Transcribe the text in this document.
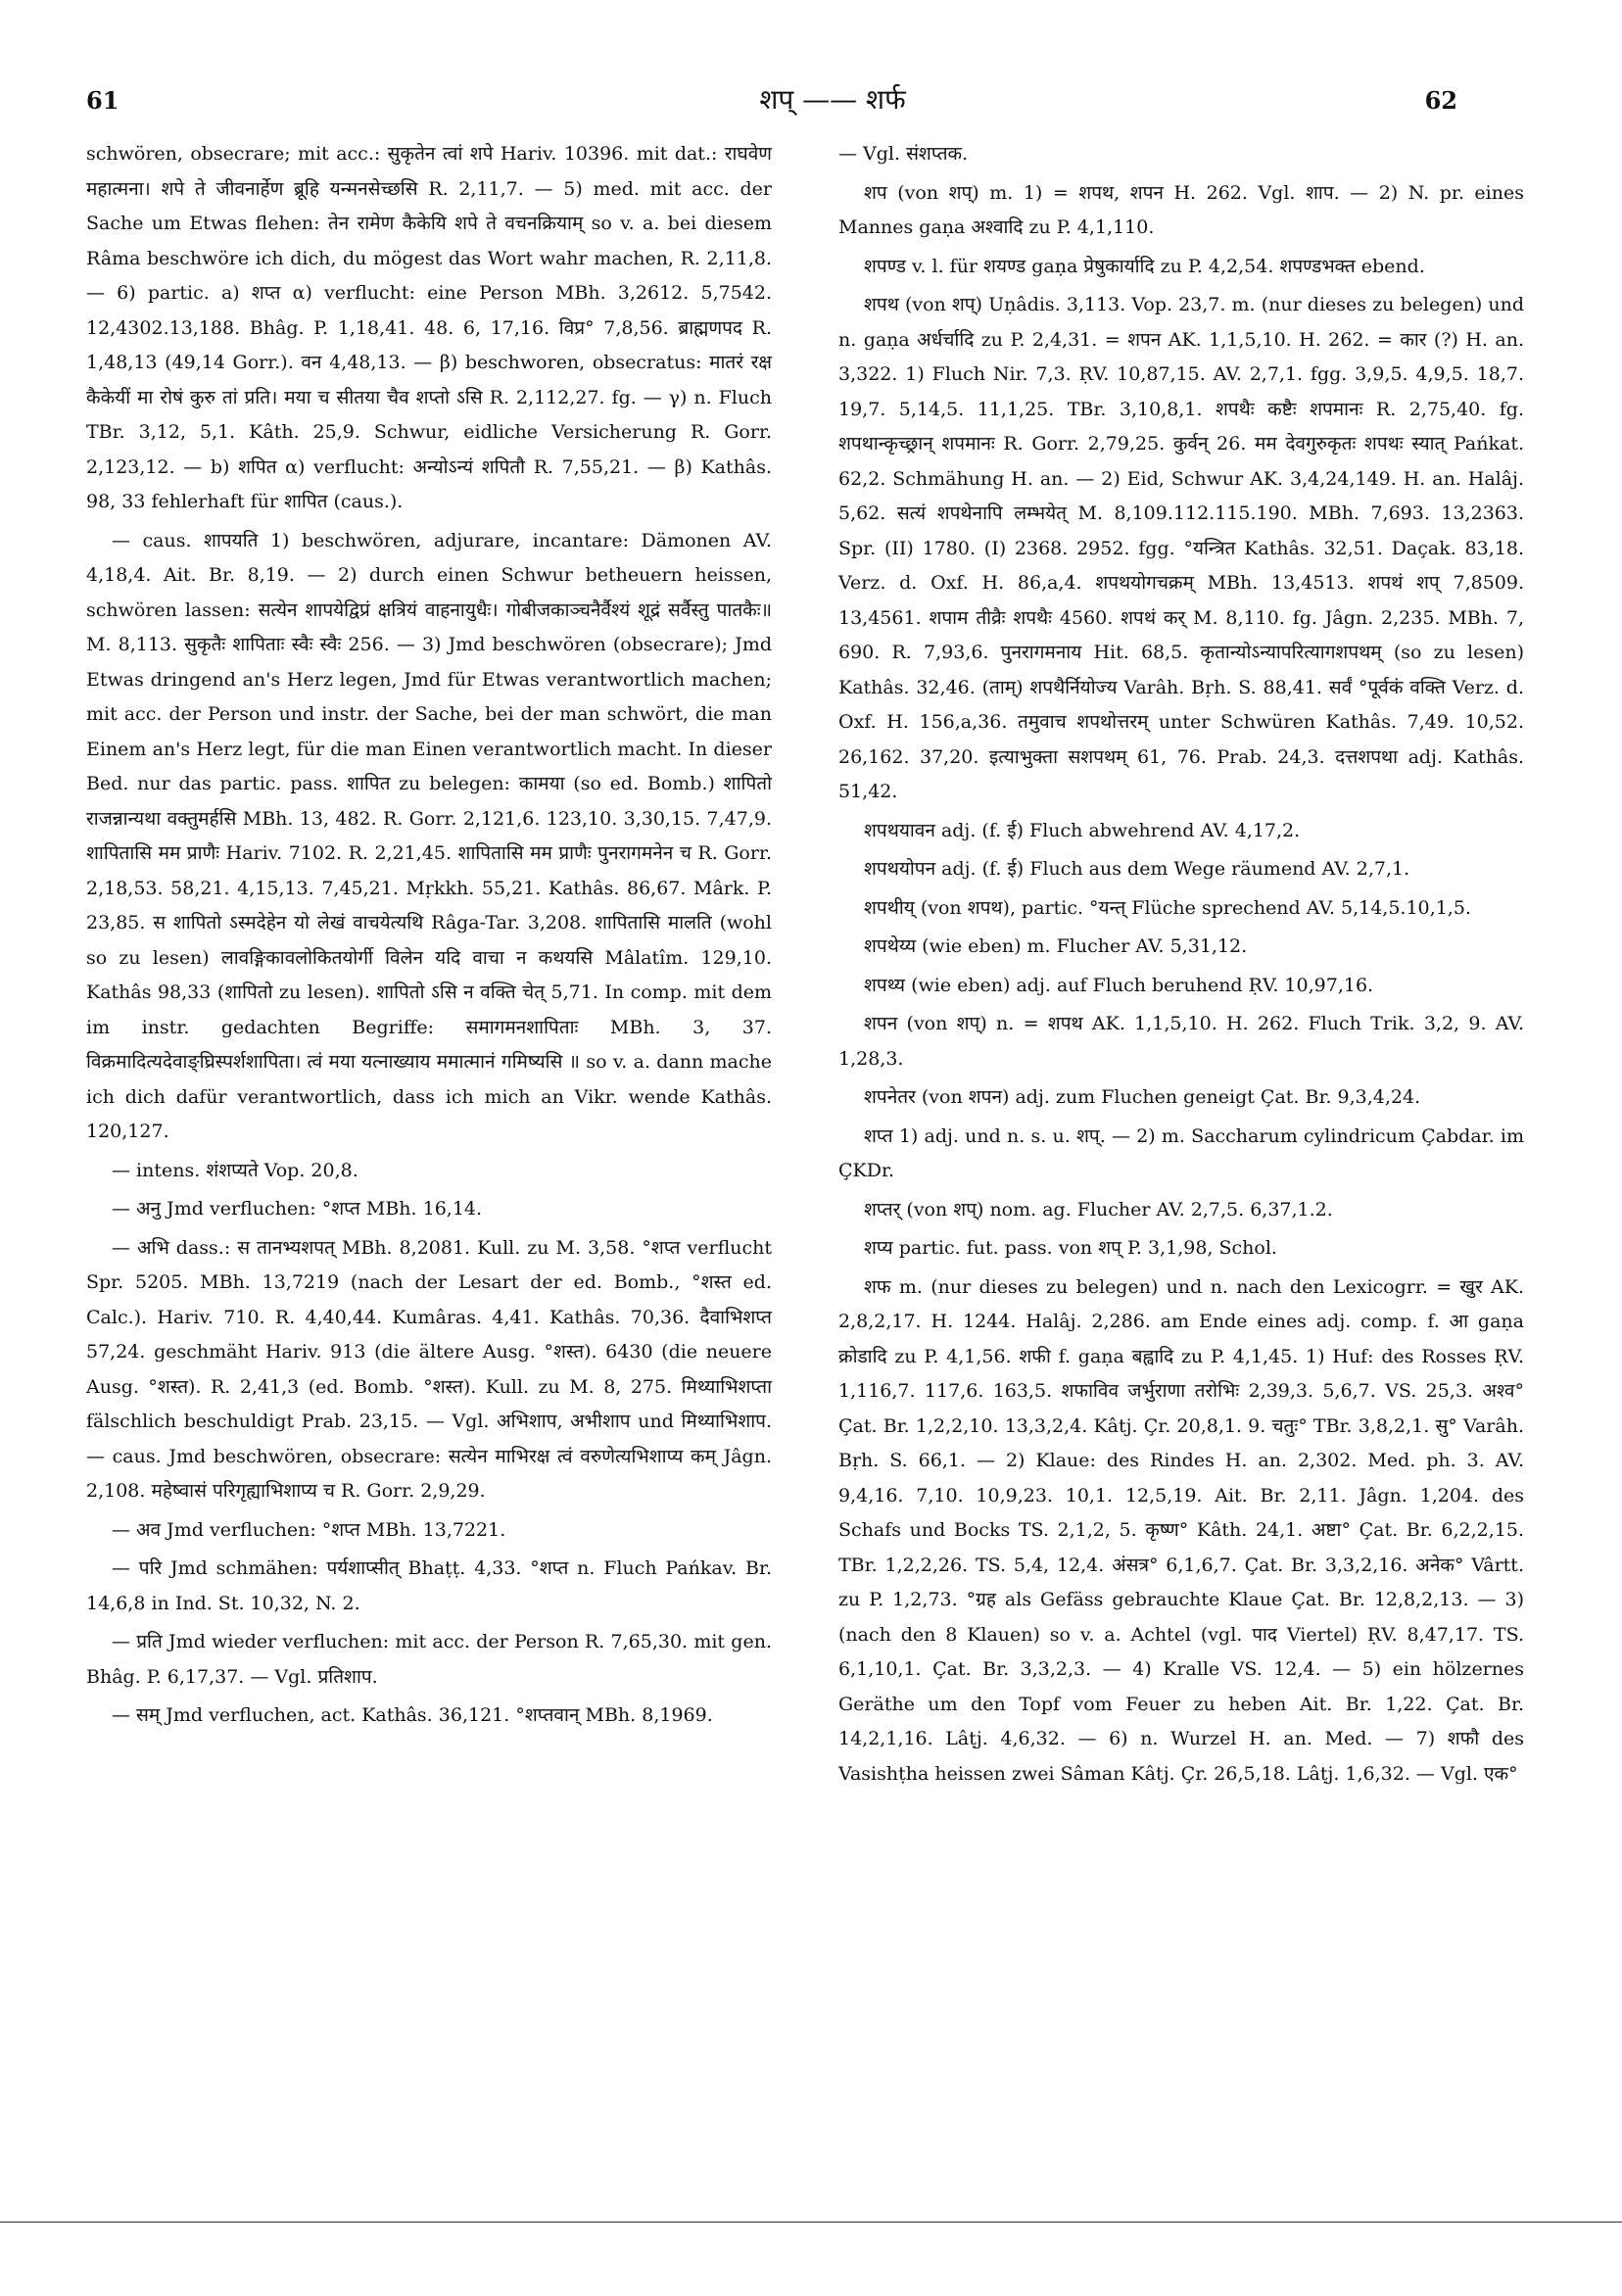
61	शप् —— शर्फ	62

schwören, obsecrare; mit acc.: सुकृतेन त्वां शपे Hariv. 10396. mit dat.: राघवेण महात्मना। शपे ते जीवनार्हेण ब्रूहि यन्मनसेच्छसि R. 2,11,7. — 5) med. mit acc. der Sache um Etwas flehen: तेन रामेण कैकेयि शपे ते वचनक्रियाम् so v. a. bei diesem Râma beschwöre ich dich, du mögest das Wort wahr machen, R. 2,11,8. — 6) partic. a) शप्त α) verflucht: eine Person MBh. 3,2612. 5,7542. 12,4302.13,188. Bhâg. P. 1,18,41. 48. 6, 17,16. विप्र° 7,8,56. ब्राह्मणपद R. 1,48,13 (49,14 Gorr.). वन 4,48,13. — β) beschworen, obsecratus: मातरं रक्ष कैकेयीं मा रोषं कुरु तां प्रति। मया च सीतया चैव शप्तो ऽसि R. 2,112,27. fg. — γ) n. Fluch TBr. 3,12, 5,1. Kâth. 25,9. Schwur, eidliche Versicherung R. Gorr. 2,123,12. — b) शपित α) verflucht: अन्योऽन्यं शपितौ R. 7,55,21. — β) Kathâs. 98, 33 fehlerhaft für शापित (caus.).

— caus. शापयति 1) beschwören, adjurare, incantare: Dämonen AV. 4,18,4. Ait. Br. 8,19. — 2) durch einen Schwur betheuern heissen, schwören lassen: सत्येन शापयेद्विप्रं क्षत्रियं वाहनायुधैः। गोबीजकाञ्चनैर्वैश्यं शूद्रं सर्वैस्तु पातकैः॥ M. 8,113. सुकृतैः शापिताः स्वैः स्वैः 256. — 3) Jmd beschwören (obsecrare); Jmd Etwas dringend an's Herz legen, Jmd für Etwas verantwortlich machen; mit acc. der Person und instr. der Sache, bei der man schwört, die man Einem an's Herz legt, für die man Einen verantwortlich macht. In dieser Bed. nur das partic. pass. शापित zu belegen: कामया (so ed. Bomb.) शापितो राजन्नान्यथा वक्तुमर्हसि MBh. 13, 482. R. Gorr. 2,121,6. 123,10. 3,30,15. 7,47,9. शापितासि मम प्राणैः Hariv. 7102. R. 2,21,45. शापितासि मम प्राणैः पुनरागमनेन च R. Gorr. 2,18,53. 58,21. 4,15,13. 7,45,21. Mṛkkh. 55,21. Kathâs. 86,67. Mârk. P. 23,85. स शापितो ऽस्मदेहेन यो लेखं वाचयेत्यथि Râga-Tar. 3,208. शापितासि मालति (wohl so zu lesen) लावङ्गिकावलोकितयोर्गी विलेन यदि वाचा न कथयसि Mâlatîm. 129,10. Kathâs 98,33 (शापितो zu lesen). शापितो ऽसि न वक्ति चेत् 5,71. In comp. mit dem im instr. gedachten Begriffe: समागमनशापिताः MBh. 3, 37. विक्रमादित्यदेवाङ्घ्रिस्पर्शशापिता। त्वं मया यत्नाख्याय ममात्मानं गमिष्यसि ॥ so v. a. dann mache ich dich dafür verantwortlich, dass ich mich an Vikr. wende Kathâs. 120,127.

— intens. शंशप्यते Vop. 20,8.

— अनु Jmd verfluchen: °शप्त MBh. 16,14.

— अभि dass.: स तानभ्यशपत् MBh. 8,2081. Kull. zu M. 3,58. °शप्त verflucht Spr. 5205. MBh. 13,7219 (nach der Lesart der ed. Bomb., °शस्त ed. Calc.). Hariv. 710. R. 4,40,44. Kumâras. 4,41. Kathâs. 70,36. दैवाभिशप्त 57,24. geschmäht Hariv. 913 (die ältere Ausg. °शस्त). 6430 (die neuere Ausg. °शस्त). R. 2,41,3 (ed. Bomb. °शस्त). Kull. zu M. 8, 275. मिथ्याभिशप्ता fälschlich beschuldigt Prab. 23,15. — Vgl. अभिशाप, अभीशाप und मिथ्याभिशाप. — caus. Jmd beschwören, obsecrare: सत्येन माभिरक्ष त्वं वरुणेत्यभिशाप्य कम् Jâgn. 2,108. महेष्वासं परिगृह्याभिशाप्य च R. Gorr. 2,9,29.

— अव Jmd verfluchen: °शप्त MBh. 13,7221.

— परि Jmd schmähen: पर्यशाप्सीत् Bhaṭṭ. 4,33. °शप्त n. Fluch Pańkav. Br. 14,6,8 in Ind. St. 10,32, N. 2.

— प्रति Jmd wieder verfluchen: mit acc. der Person R. 7,65,30. mit gen. Bhâg. P. 6,17,37. — Vgl. प्रतिशाप.

— सम् Jmd verfluchen, act. Kathâs. 36,121. °शप्तवान् MBh. 8,1969.

— Vgl. संशप्तक.

शप (von शप्) m. 1) = शपथ, शपन H. 262. Vgl. शाप. — 2) N. pr. eines Mannes gaṇa अश्वादि zu P. 4,1,110.

शपण्ड v. l. für शयण्ड gaṇa प्रेषुकार्यादि zu P. 4,2,54. शपण्डभक्त ebend.

शपथ (von शप्) Uṇâdis. 3,113. Vop. 23,7. m. (nur dieses zu belegen) und n. gaṇa अर्धर्चादि zu P. 2,4,31. = शपन AK. 1,1,5,10. H. 262. = कार (?) H. an. 3,322. 1) Fluch Nir. 7,3. ṚV. 10,87,15. AV. 2,7,1. fgg. 3,9,5. 4,9,5. 18,7. 19,7. 5,14,5. 11,1,25. TBr. 3,10,8,1. शपथैः कष्टैः शपमानः R. 2,75,40. fg. शपथान्कृच्छ्रान् शपमानः R. Gorr. 2,79,25. कुर्वन् 26. मम देवगुरुकृतः शपथः स्यात् Pańkat. 62,2. Schmähung H. an. — 2) Eid, Schwur AK. 3,4,24,149. H. an. Halâj. 5,62. सत्यं शपथेनापि लम्भयेत् M. 8,109.112.115.190. MBh. 7,693. 13,2363. Spr. (II) 1780. (I) 2368. 2952. fgg. °यन्त्रित Kathâs. 32,51. Daçak. 83,18. Verz. d. Oxf. H. 86,a,4. शपथयोगचक्रम् MBh. 13,4513. शपथं शप् 7,8509. 13,4561. शपाम तीव्रैः शपथैः 4560. शपथं कर् M. 8,110. fg. Jâgn. 2,235. MBh. 7, 690. R. 7,93,6. पुनरागमनाय Hit. 68,5. कृतान्योऽन्यापरित्यागशपथम् (so zu lesen) Kathâs. 32,46. (ताम्) शपथैर्नियोज्य Varâh. Bṛh. S. 88,41. सर्वं °पूर्वकं वक्ति Verz. d. Oxf. H. 156,a,36. तमुवाच शपथोत्तरम् unter Schwüren Kathâs. 7,49. 10,52. 26,162. 37,20. इत्याभुक्ता सशपथम् 61, 76. Prab. 24,3. दत्तशपथा adj. Kathâs. 51,42.

शपथयावन adj. (f. ई) Fluch abwehrend AV. 4,17,2.

शपथयोपन adj. (f. ई) Fluch aus dem Wege räumend AV. 2,7,1.

शपथीय् (von शपथ), partic. °यन्त् Flüche sprechend AV. 5,14,5.10,1,5.

शपथेय्य (wie eben) m. Flucher AV. 5,31,12.

शपथ्य (wie eben) adj. auf Fluch beruhend ṚV. 10,97,16.

शपन (von शप्) n. = शपथ AK. 1,1,5,10. H. 262. Fluch Trik. 3,2, 9. AV. 1,28,3.

शपनेतर (von शपन) adj. zum Fluchen geneigt Çat. Br. 9,3,4,24.

शप्त 1) adj. und n. s. u. शप्. — 2) m. Saccharum cylindricum Çabdar. im ÇKDr.

शप्तर् (von शप्) nom. ag. Flucher AV. 2,7,5. 6,37,1.2.

शप्य partic. fut. pass. von शप् P. 3,1,98, Schol.

शफ m. (nur dieses zu belegen) und n. nach den Lexicogrr. = खुर AK. 2,8,2,17. H. 1244. Halâj. 2,286. am Ende eines adj. comp. f. आ gaṇa क्रोडादि zu P. 4,1,56. शफी f. gaṇa बह्वादि zu P. 4,1,45. 1) Huf: des Rosses ṚV. 1,116,7. 117,6. 163,5. शफाविव जर्भुराणा तरोभिः 2,39,3. 5,6,7. VS. 25,3. अश्व° Çat. Br. 1,2,2,10. 13,3,2,4. Kâtj. Çr. 20,8,1. 9. चतुः° TBr. 3,8,2,1. सु° Varâh. Bṛh. S. 66,1. — 2) Klaue: des Rindes H. an. 2,302. Med. ph. 3. AV. 9,4,16. 7,10. 10,9,23. 10,1. 12,5,19. Ait. Br. 2,11. Jâgn. 1,204. des Schafs und Bocks TS. 2,1,2, 5. कृष्ण° Kâth. 24,1. अष्टा° Çat. Br. 6,2,2,15. TBr. 1,2,2,26. TS. 5,4, 12,4. अंसत्र° 6,1,6,7. Çat. Br. 3,3,2,16. अनेक° Vârtt. zu P. 1,2,73. °ग्रह als Gefäss gebrauchte Klaue Çat. Br. 12,8,2,13. — 3) (nach den 8 Klauen) so v. a. Achtel (vgl. पाद Viertel) ṚV. 8,47,17. TS. 6,1,10,1. Çat. Br. 3,3,2,3. — 4) Kralle VS. 12,4. — 5) ein hölzernes Geräthe um den Topf vom Feuer zu heben Ait. Br. 1,22. Çat. Br. 14,2,1,16. Lâṭj. 4,6,32. — 6) n. Wurzel H. an. Med. — 7) शफौ des Vasishṭha heissen zwei Sâman Kâtj. Çr. 26,5,18. Lâṭj. 1,6,32. — Vgl. एक°
